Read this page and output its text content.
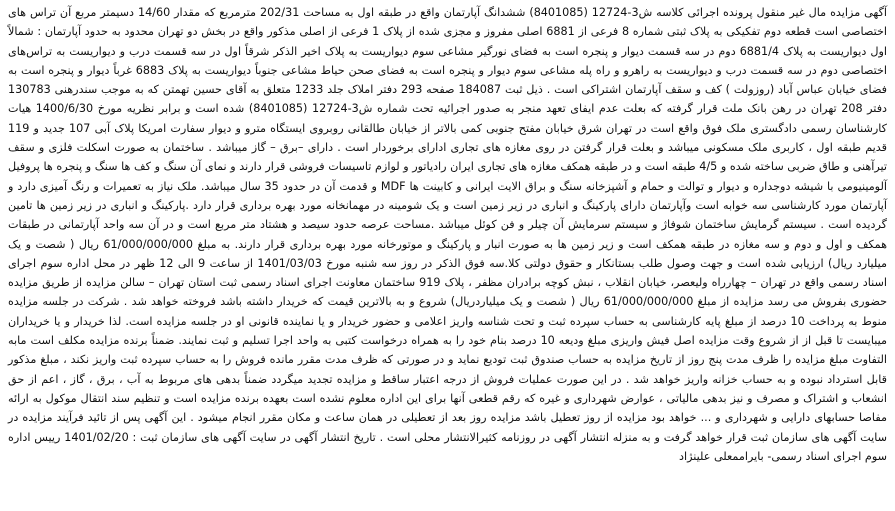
آگهی مزایده مال غیر منقول پرونده اجرائی کلاسه ش3-12724 (8401085) ششدانگ آپارتمان واقع در طبقه اول به مساحت 202/31 مترمربع که مقدار 14/60 دسیمتر مربع آن تراس های اختصاصی است قطعه دوم تفکیکی به پلاک ثبتی شماره 8 فرعی از 6881 اصلی مفروز و مجزی شده از پلاک 1 فرعی از اصلی مذکور واقع در بخش دو تهران محدود به حدود آپارتمان : شمالاً اول دیواریست به پلاک 6881/4 دوم در سه قسمت دیوار و پنجره است به فضای نورگیر مشاعی سوم دیواریست به پلاک اخیر الذکر شرقاً اول در سه قسمت درب و دیواریست به تراس‌های اختصاصی دوم در سه قسمت درب و دیواریست به راهرو و راه پله مشاعی سوم دیوار و پنجره است به فضای صحن حیاط مشاعی جنوباً دیواریست به پلاک 6883 غرباً دیوار و پنجره است به فضای خیابان عباس آباد (روزولت ) کف و سقف آپارتمان اشتراکی است . ذیل ثبت 184087 صفحه 293 دفتر املاک جلد 1233 متعلق به آقای حسین تهمتن که به موجب سندرهنی 130783 دفتر 208 تهران در رهن بانک ملت قرار گرفته که بعلت عدم ایفای تعهد منجر به صدور اجرائیه تحت شماره ش3-12724 (8401085) شده است و برابر نظریه مورخ 1400/6/30 هیات کارشناسان رسمی دادگستری ملک فوق واقع است در تهران شرق خیابان مفتح جنوبی کمی بالاتر از خیابان طالقانی روبروی ایستگاه مترو و دیوار سفارت امریکا پلاک آبی 107 جدید و 119 قدیم طبقه اول ، کاربری ملک مسکونی میباشد و بعلت قرار گرفتن در روی مغازه های تجاری ادارای برخوردار است . دارای –برق – گاز میباشد . ساختمان به صورت اسکلت فلزی و سقف تیرآهنی و طاق ضربی ساخته شده و 4/5 طبقه است و در طبقه همکف مغازه های تجاری ایران رادیاتور و لوازم تاسیسات فروشی قرار دارند و نمای آن سنگ و کف ها سنگ و پنجره ها پروفیل آلومینیومی با شیشه دوجداره و دیوار و توالت و حمام و آشپزخانه سنگ و براق الایت ایرانی و کابینت ها MDF و قدمت آن در حدود 35 سال میباشد. ملک نیاز به تعمیرات و رنگ آمیزی دارد و آپارتمان مورد کارشناسی سه خوابه است وآپارتمان دارای پارکینگ و انباری در زیر زمین است و یک شومینه در مهمانخانه مورد بهره برداری قرار دارد .پارکینگ و انباری در زیر زمین ها تامین گردیده است . سیستم گرمایش ساختمان شوفاژ و سیستم سرمایش آن چیلر و فن کوئل میباشد .مساحت عرصه حدود سیصد و هشتاد متر مربع است و در آن سه واحد آپارتمانی در طبقات همکف و اول و دوم و سه مغازه در طبقه همکف است و زیر زمین ها به صورت انبار و پارکینگ و موتورخانه مورد بهره برداری قرار دارند. به مبلغ 61/000/000/000 ریال ( شصت و یک میلیارد ریال) ارزیابی شده است و جهت وصول طلب بستانکار و حقوق دولتی کلا.سه فوق الذکر در روز سه شنبه مورخ 1401/03/03 از ساعت 9 الی 12 ظهر در محل اداره سوم اجرای اسناد رسمی واقع در تهران – چهارراه ولیعصر، خیابان انقلاب ، نبش کوچه برادران مظفر ، پلاک 919 ساختمان معاونت اجرای اسناد رسمی ثبت استان تهران – سالن مزایده از طریق مزایده حضوری بفروش می رسد مزایده از مبلغ 61/000/000/000 ریال ( شصت و یک میلیاردریال) شروع و به بالاترین قیمت که خریدار داشته باشد فروخته خواهد شد . شرکت در جلسه مزایده منوط به پرداخت 10 درصد از مبلغ پایه کارشناسی به حساب سپرده ثبت و تحت شناسه واریز اعلامی و حضور خریدار و یا نماینده قانونی او در جلسه مزایده است. لذا خریدار و یا خریداران میبایست تا قبل از از شروع وقت مزایده اصل فیش واریزی مبلغ ودیعه 10 درصد بنام خود را به همراه درخواست کتبی به واحد اجرا تسلیم و ثبت نمایند. ضمناً برنده مزایده مکلف است مابه التفاوت مبلغ مزایده را ظرف مدت پنج روز از تاریخ مزایده به حساب صندوق ثبت تودیع نماید و در صورتی که ظرف مدت مقرر مانده فروش را به حساب سپرده ثبت واریز نکند ، مبلغ مذکور قابل استرداد نبوده و به حساب خزانه واریز خواهد شد . در این صورت عملیات فروش از درجه اعتبار ساقط و مزایده تجدید میگردد ضمناً بدهی های مربوط به آب ، برق ، گاز ، اعم از حق انشعاب و اشتراک و مصرف و نیز بدهی مالیاتی ، عوارض شهرداری و غیره که رقم قطعی آنها برای این اداره معلوم نشده است بعهده برنده مزایده است و تنظیم سند انتقال موکول به ارائه مفاصا حسابهای دارایی و شهرداری و ... خواهد بود مزایده از روز تعطیل باشد مزایده روز بعد از تعطیلی در همان ساعت و مکان مقرر انجام میشود . این آگهی پس از تائید فرآیند مزایده در سایت آگهی های سازمان ثبت قرار خواهد گرفت و به منزله انتشار آگهی در روزنامه کثیرالانتشار محلی است . تاریخ انتشار آگهی در سایت آگهی های سازمان ثبت : 1401/02/20 رییس اداره سوم اجرای اسناد رسمی- بایراممعلی علینژاد
